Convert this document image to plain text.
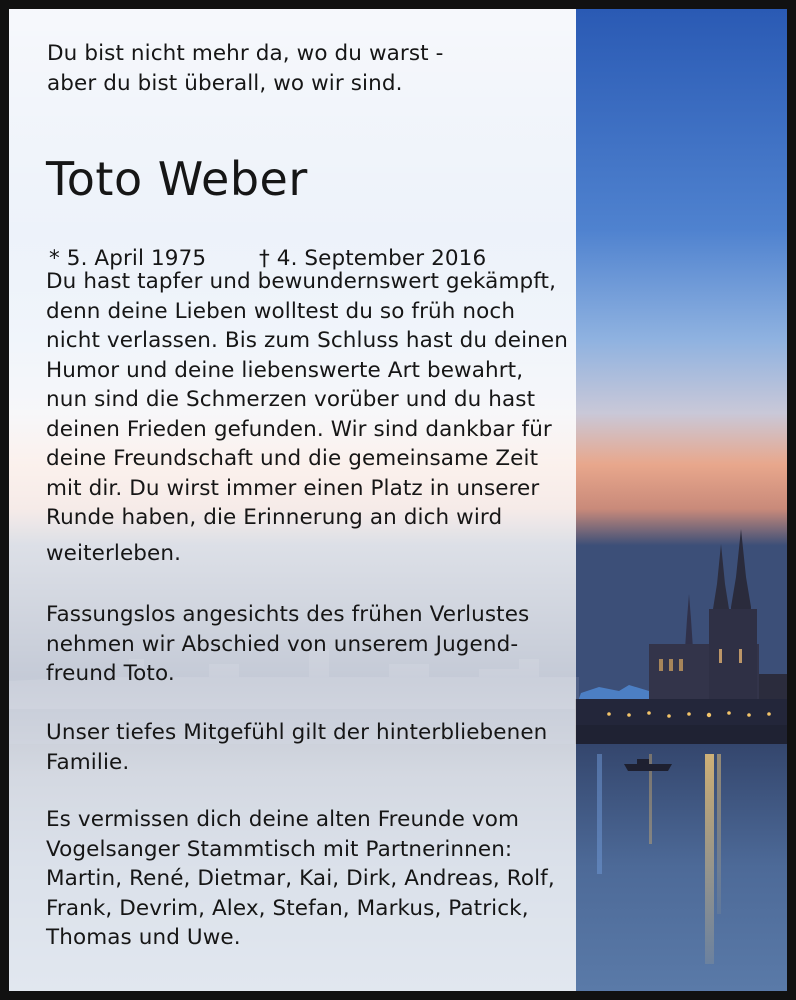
Du bist nicht mehr da, wo du warst -
aber du bist überall, wo wir sind.

Toto Weber

* 5. April 1975 † 4. September 2016

Du hast tapfer und bewundernswert gekämpft,
denn deine Lieben wolltest du so früh noch
nicht verlassen. Bis zum Schluss hast du deinen
Humor und deine liebenswerte Art bewahrt,
nun sind die Schmerzen vorüber und du hast
deinen Frieden gefunden. Wir sind dankbar für
deine Freundschaft und die gemeinsame Zeit
mit dir. Du wirst immer einen Platz in unserer
Runde haben, die Erinnerung an dich wird

weiterleben.

Fassungslos angesichts des frühen Verlustes
nehmen wir Abschied von unserem Jugend-
freund Toto.

Unser tiefes Mitgefühl gilt der hinterbliebenen
Familie.

Es vermissen dich deine alten Freunde vom
Vogelsanger Stammtisch mit Partnerinnen:
Martin, René, Dietmar, Kai, Dirk, Andreas, Rolf,
Frank, Devrim, Alex, Stefan, Markus, Patrick,
Thomas und Uwe.
